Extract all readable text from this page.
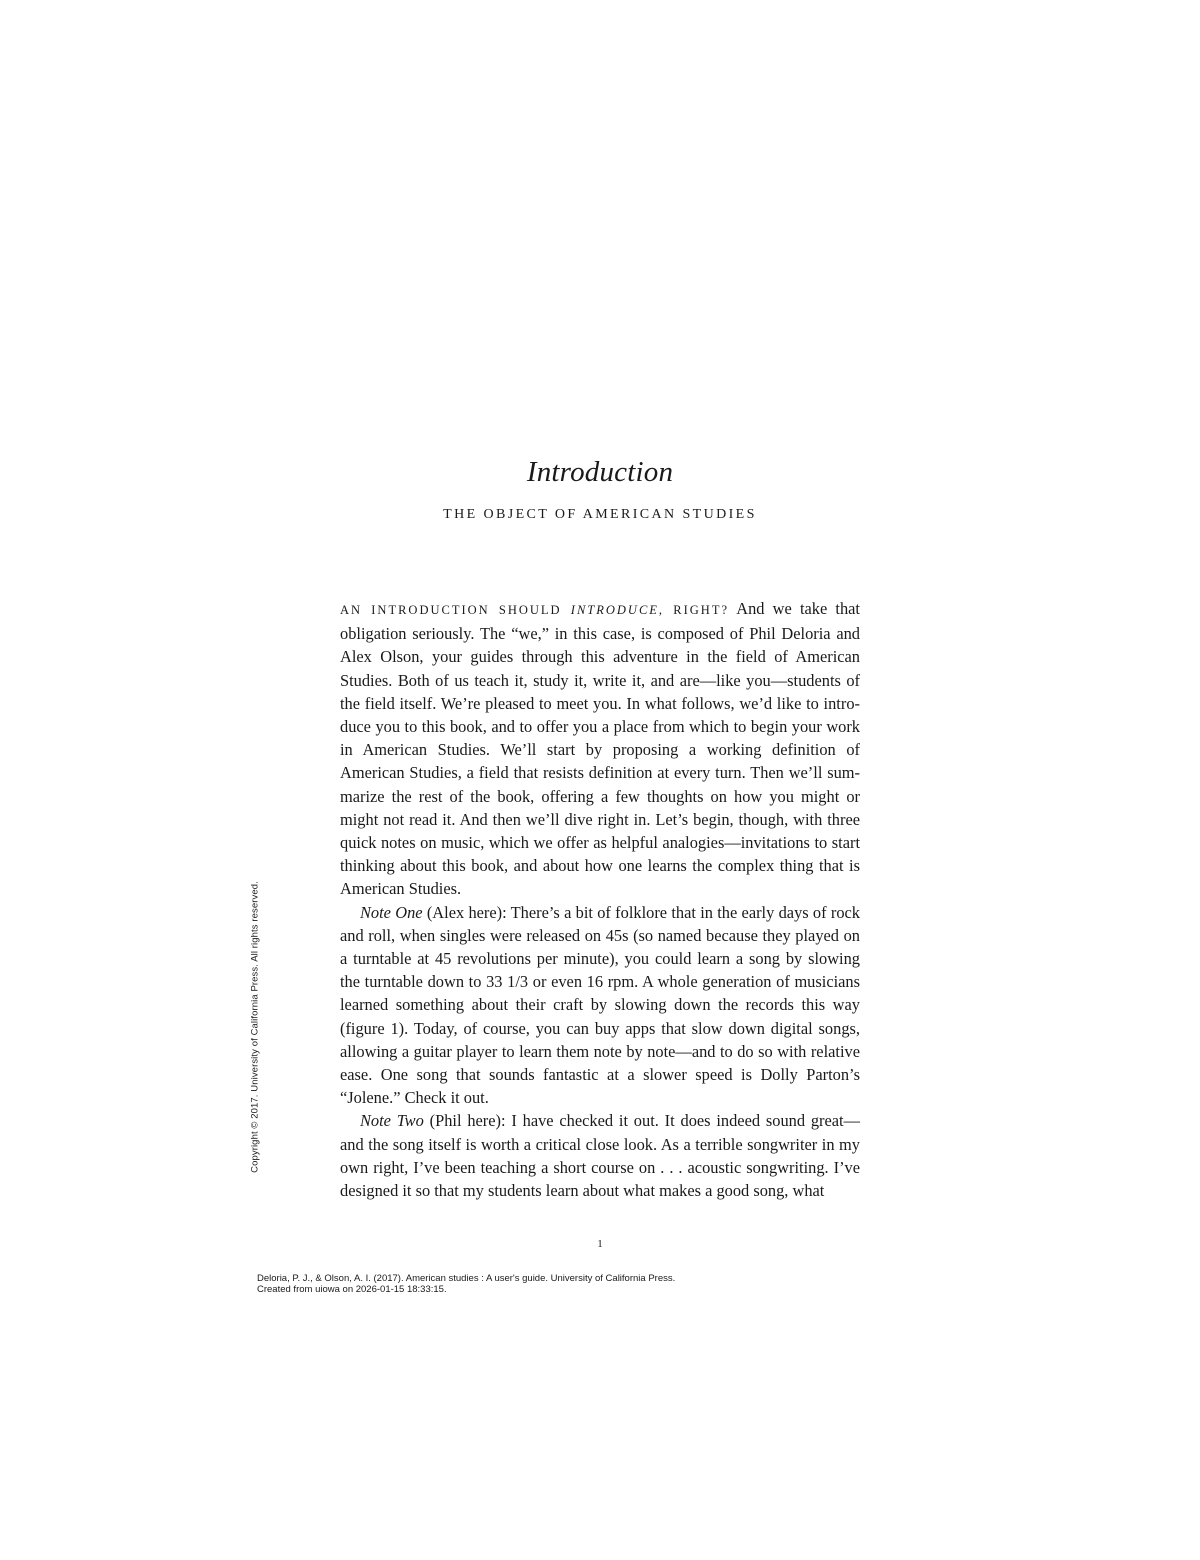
Introduction
THE OBJECT OF AMERICAN STUDIES

AN INTRODUCTION SHOULD INTRODUCE, RIGHT? And we take that obligation seriously. The “we,” in this case, is composed of Phil Deloria and Alex Olson, your guides through this adventure in the field of American Studies. Both of us teach it, study it, write it, and are—like you—students of the field itself. We’re pleased to meet you. In what follows, we’d like to introduce you to this book, and to offer you a place from which to begin your work in American Studies. We’ll start by proposing a working definition of American Studies, a field that resists definition at every turn. Then we’ll summarize the rest of the book, offering a few thoughts on how you might or might not read it. And then we’ll dive right in. Let’s begin, though, with three quick notes on music, which we offer as helpful analogies—invitations to start thinking about this book, and about how one learns the complex thing that is American Studies.

Note One (Alex here): There’s a bit of folklore that in the early days of rock and roll, when singles were released on 45s (so named because they played on a turntable at 45 revolutions per minute), you could learn a song by slowing the turntable down to 33 1/3 or even 16 rpm. A whole generation of musicians learned something about their craft by slowing down the records this way (figure 1). Today, of course, you can buy apps that slow down digital songs, allowing a guitar player to learn them note by note—and to do so with relative ease. One song that sounds fantastic at a slower speed is Dolly Parton’s “Jolene.” Check it out.

Note Two (Phil here): I have checked it out. It does indeed sound great—and the song itself is worth a critical close look. As a terrible songwriter in my own right, I’ve been teaching a short course on . . . acoustic songwriting. I’ve designed it so that my students learn about what makes a good song, what

1
Copyright © 2017. University of California Press. All rights reserved.
Deloria, P. J., & Olson, A. I. (2017). American studies : A user's guide. University of California Press.
Created from uiowa on 2026-01-15 18:33:15.
